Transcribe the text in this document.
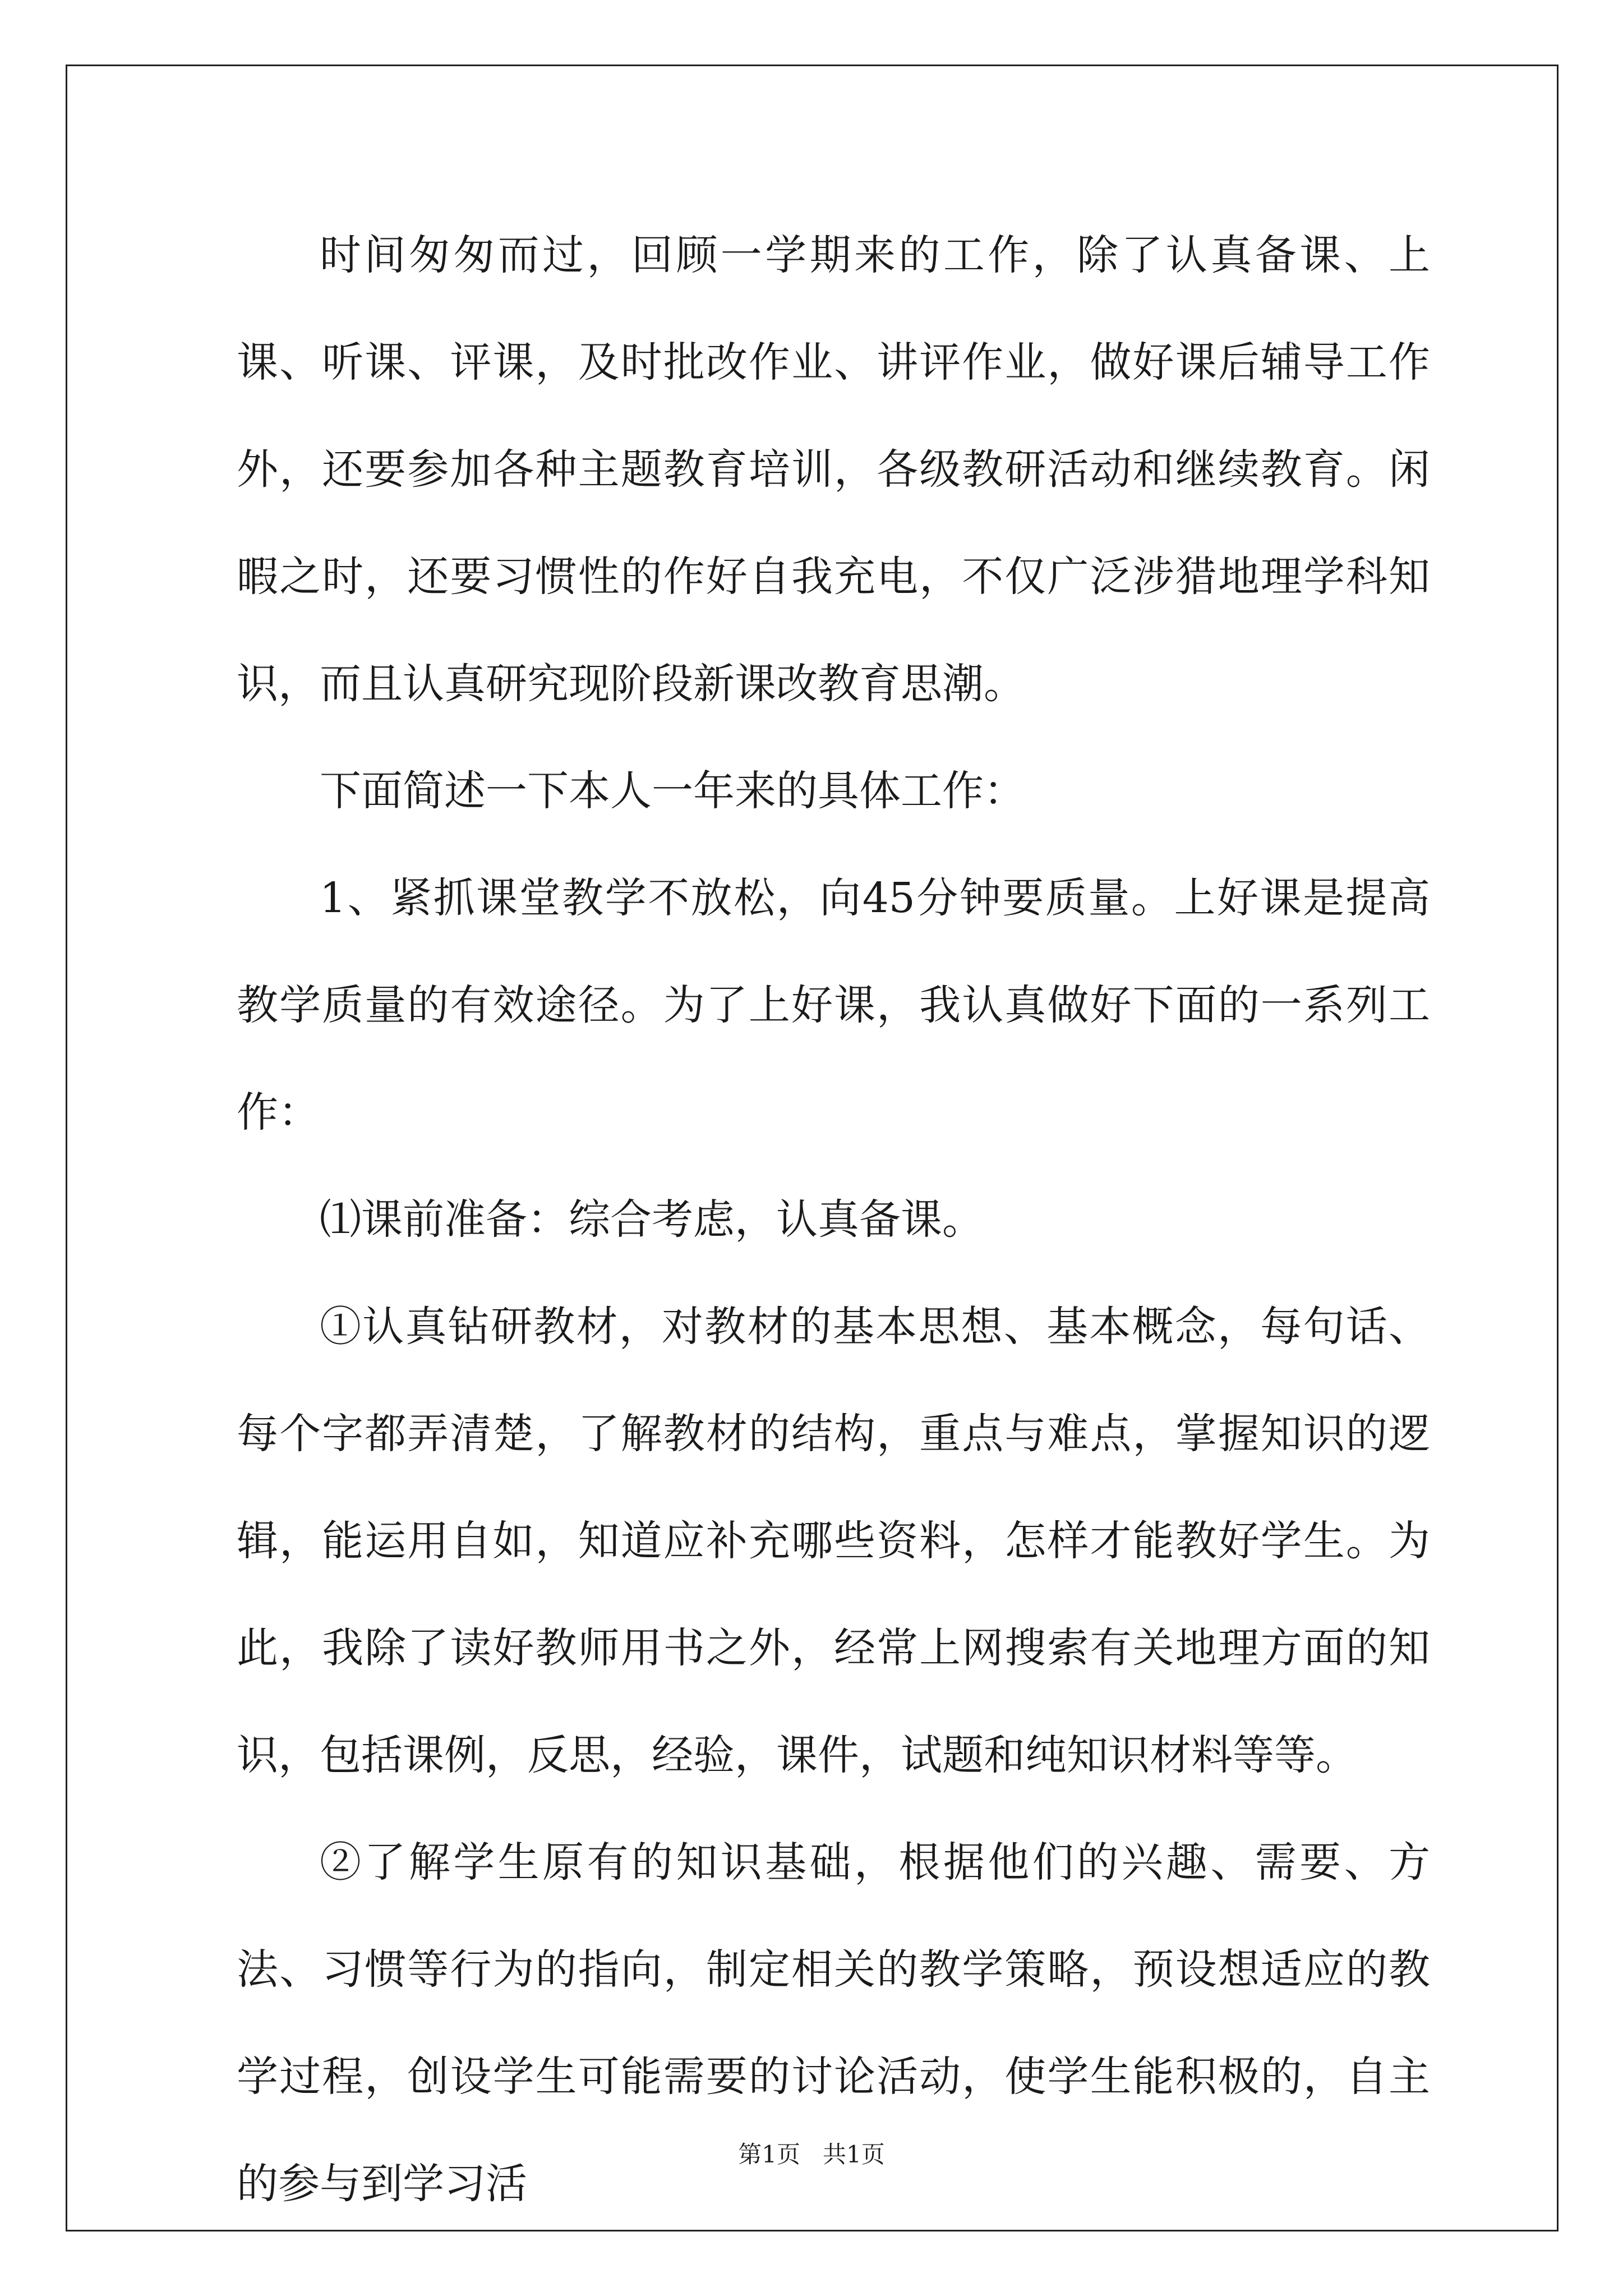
时间匆匆而过，回顾一学期来的工作，除了认真备课、上课、听课、评课，及时批改作业、讲评作业，做好课后辅导工作外，还要参加各种主题教育培训，各级教研活动和继续教育。闲暇之时，还要习惯性的作好自我充电，不仅广泛涉猎地理学科知识，而且认真研究现阶段新课改教育思潮。

下面简述一下本人一年来的具体工作：

1、紧抓课堂教学不放松，向45分钟要质量。上好课是提高教学质量的有效途径。为了上好课，我认真做好下面的一系列工作：

⑴课前准备：综合考虑，认真备课。

①认真钻研教材，对教材的基本思想、基本概念，每句话、每个字都弄清楚，了解教材的结构，重点与难点，掌握知识的逻辑，能运用自如，知道应补充哪些资料，怎样才能教好学生。为此，我除了读好教师用书之外，经常上网搜索有关地理方面的知识，包括课例，反思，经验，课件，试题和纯知识材料等等。

②了解学生原有的知识基础，根据他们的兴趣、需要、方法、习惯等行为的指向，制定相关的教学策略，预设想适应的教学过程，创设学生可能需要的讨论活动，使学生能积极的，自主的参与到学习活

第1页   共1页
